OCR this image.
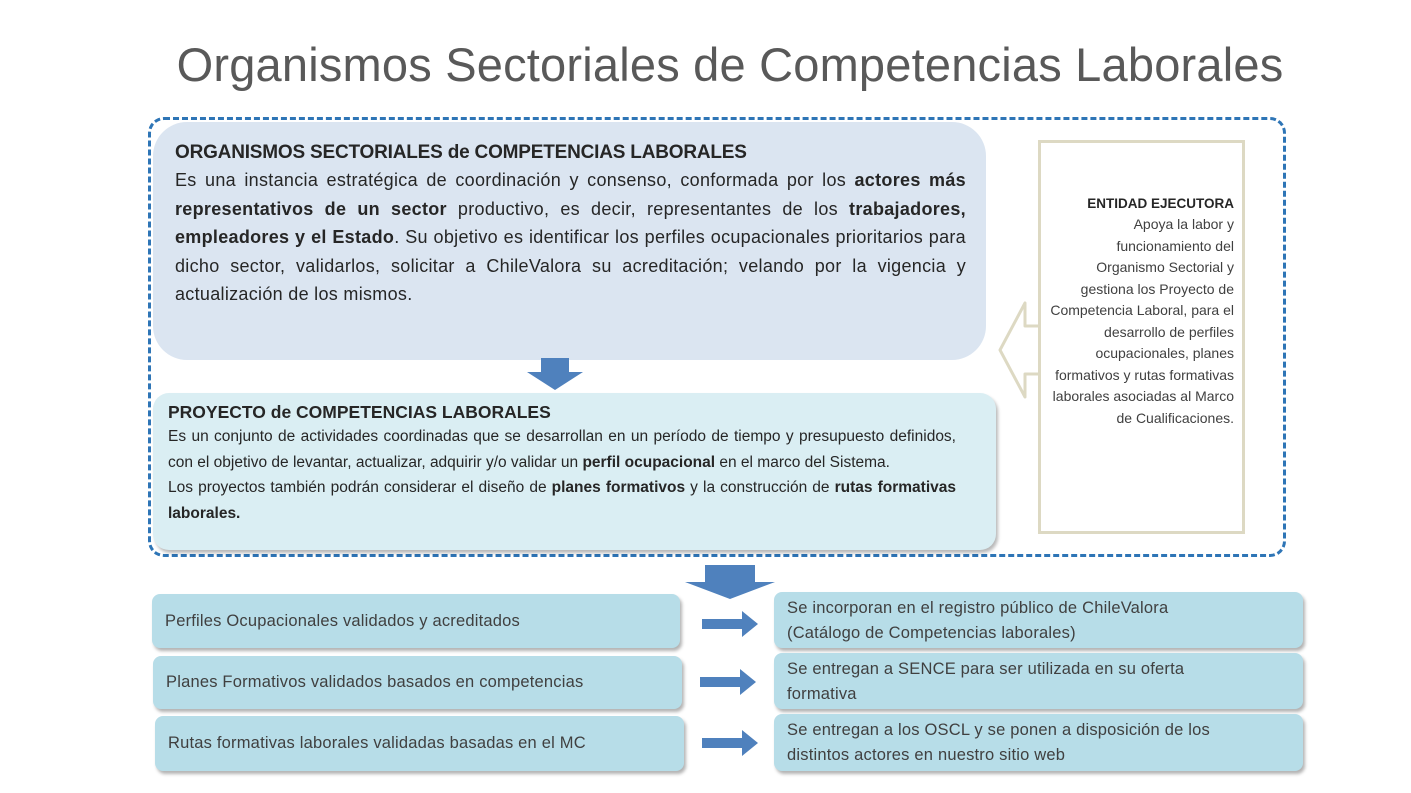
Organismos Sectoriales de Competencias Laborales
ORGANISMOS SECTORIALES de COMPETENCIAS LABORALES

Es una instancia estratégica de coordinación y consenso, conformada por los actores más representativos de un sector productivo, es decir, representantes de los trabajadores, empleadores y el Estado. Su objetivo es identificar los perfiles ocupacionales prioritarios para dicho sector, validarlos, solicitar a ChileValora su acreditación; velando por la vigencia y actualización de los mismos.

PROYECTO de COMPETENCIAS LABORALES
Es un conjunto de actividades coordinadas que se desarrollan en un período de tiempo y presupuesto definidos, con el objetivo de levantar, actualizar, adquirir y/o validar un perfil ocupacional en el marco del Sistema.
Los proyectos también podrán considerar el diseño de planes formativos y la construcción de rutas formativas laborales.
ENTIDAD EJECUTORA

Apoya la labor y funcionamiento del Organismo Sectorial y gestiona los Proyecto de Competencia Laboral, para el desarrollo de perfiles ocupacionales, planes formativos y rutas formativas laborales asociadas al Marco de Cualificaciones.

Perfiles Ocupacionales validados y acreditados
Planes Formativos validados basados en competencias
Rutas formativas laborales validadas basadas en el MC
Se incorporan en el registro público de ChileValora
(Catálogo de Competencias laborales)
Se entregan a SENCE para ser utilizada en su oferta
formativa
Se entregan a los OSCL y se ponen a disposición de los
distintos actores en nuestro sitio web
